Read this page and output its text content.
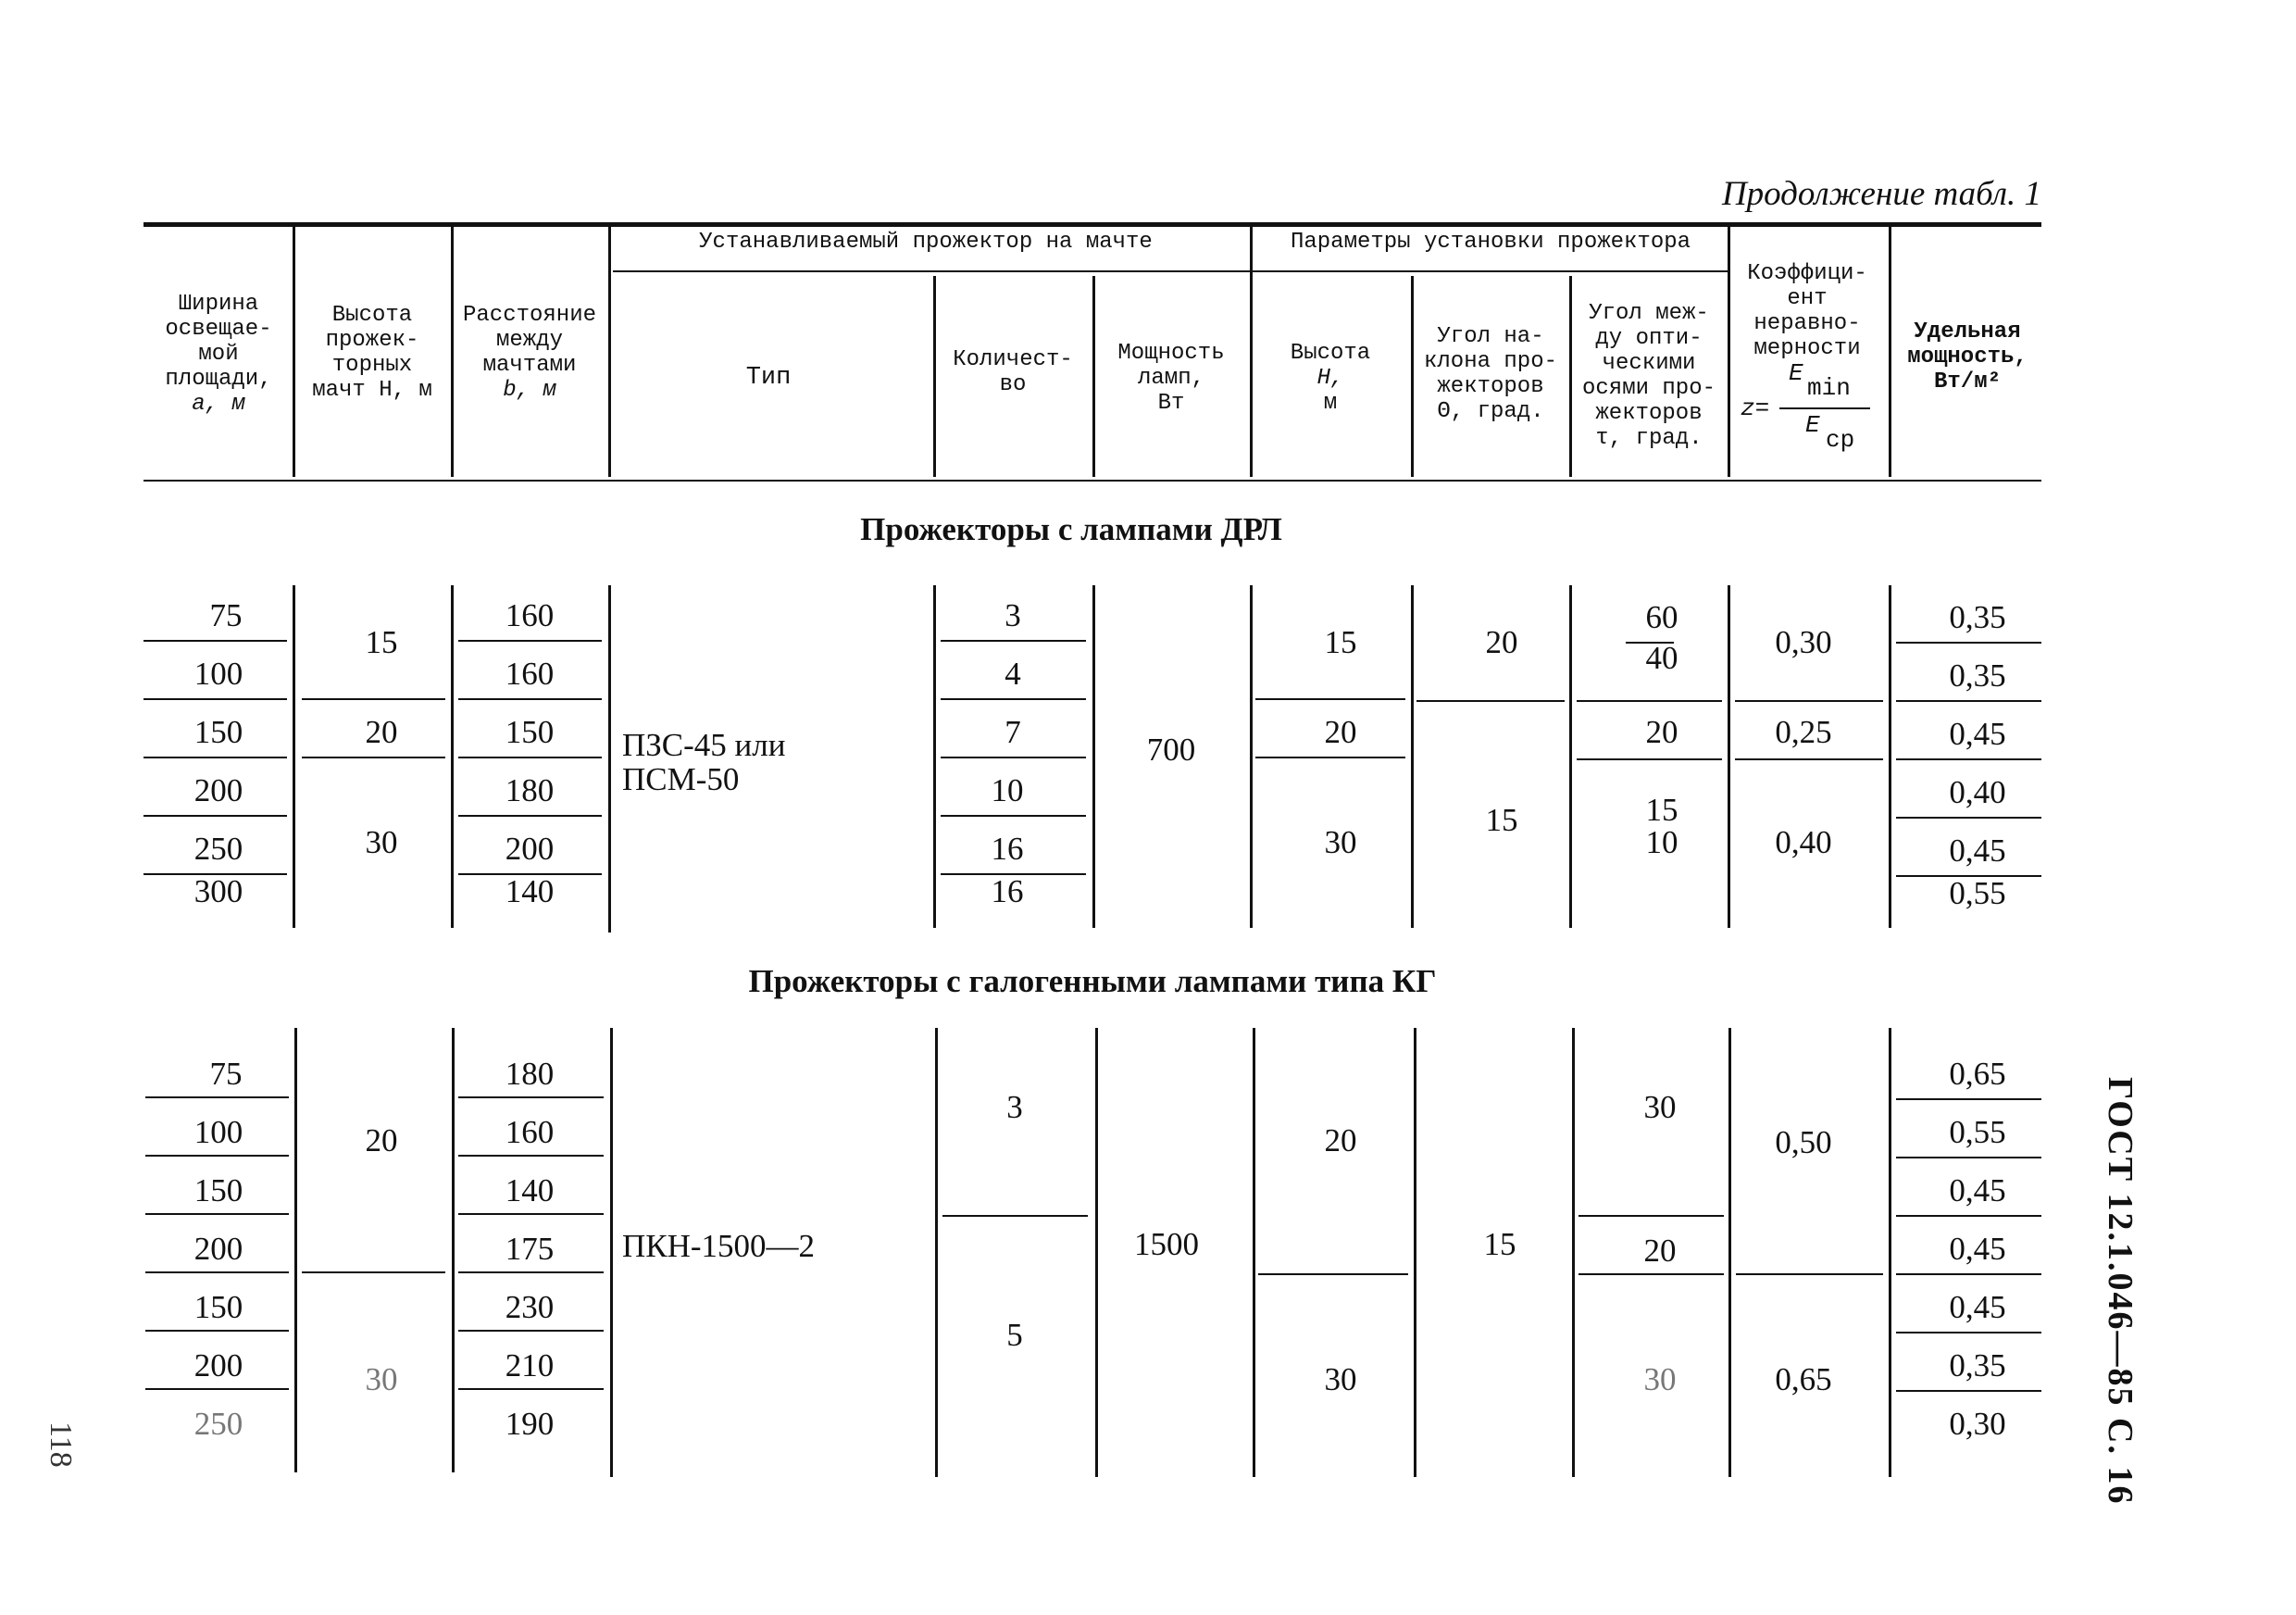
Продолжение табл. 1
ГОСТ 12.1.046—85 С. 16
118
Ширина
освещае-
мой
площади,
a, м
Высота
прожек-
торных
мачт H, м
Расстояние
между
мачтами
b, м
Устанавливаемый прожектор на мачте	Параметры установки прожектора
Тип
Количест-
во
Мощность
ламп,
Вт
Высота
H,
м
Угол на-
клона про-
жекторов
Θ, град.
Угол меж-
ду опти-
ческими
осями про-
жекторов
τ, град.
Коэффици-
ент
неравно-
мерности
z=
E
min
E
ср
Удельная
мощность,
Вт/м²
Прожекторы с лампами ДРЛ
75
100
150
200
250
300
15
20
30
160
160
150
180
200
140
ПЗС-45 или
ПСМ-50
3
4
7
10
16
16
700
15
20
30
20
15
60
40
20
15
10
0,30
0,25
0,40
0,35
0,35
0,45
0,40
0,45
0,55
Прожекторы с галогенными лампами типа КГ
75
100
150
200
150
200
250
20
30
180
160
140
175
230
210
190
ПКН-1500—2
3
5
1500
20
30
15
30
20
30
0,50
0,65
0,65
0,55
0,45
0,45
0,45
0,35
0,30
